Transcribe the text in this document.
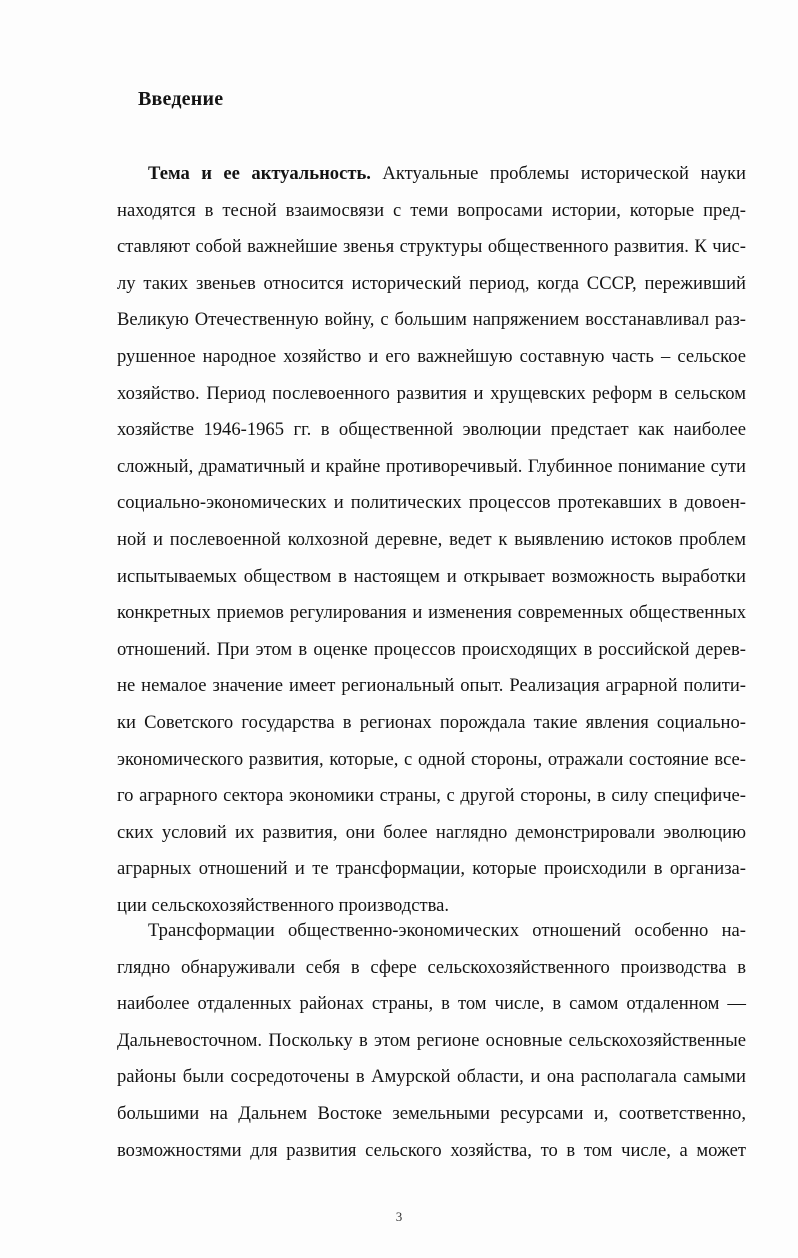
Введение
Тема и ее актуальность. Актуальные проблемы исторической науки
находятся в тесной взаимосвязи с теми вопросами истории, которые пред-
ставляют собой важнейшие звенья структуры общественного развития. К чис-
лу таких звеньев относится исторический период, когда СССР, переживший
Великую Отечественную войну, с большим напряжением восстанавливал раз-
рушенное народное хозяйство и его важнейшую составную часть – сельское
хозяйство. Период послевоенного развития и хрущевских реформ в сельском
хозяйстве 1946-1965 гг. в общественной эволюции предстает как наиболее
сложный, драматичный и крайне противоречивый. Глубинное понимание сути
социально-экономических и политических процессов протекавших в довоен-
ной и послевоенной колхозной деревне, ведет к выявлению истоков проблем
испытываемых обществом в настоящем и открывает возможность выработки
конкретных приемов регулирования и изменения современных общественных
отношений. При этом в оценке процессов происходящих в российской дерев-
не немалое значение имеет региональный опыт. Реализация аграрной полити-
ки Советского государства в регионах порождала такие явления социально-
экономического развития, которые, с одной стороны, отражали состояние все-
го аграрного сектора экономики страны, с другой стороны, в силу специфиче-
ских условий их развития, они более наглядно демонстрировали эволюцию
аграрных отношений и те трансформации, которые происходили в организа-
ции сельскохозяйственного производства.
Трансформации общественно-экономических отношений особенно на-
глядно обнаруживали себя в сфере сельскохозяйственного производства в
наиболее отдаленных районах страны, в том числе, в самом отдаленном —
Дальневосточном. Поскольку в этом регионе основные сельскохозяйственные
районы были сосредоточены в Амурской области, и она располагала самыми
большими на Дальнем Востоке земельными ресурсами и, соответственно,
возможностями для развития сельского хозяйства, то в том числе, а может

3
